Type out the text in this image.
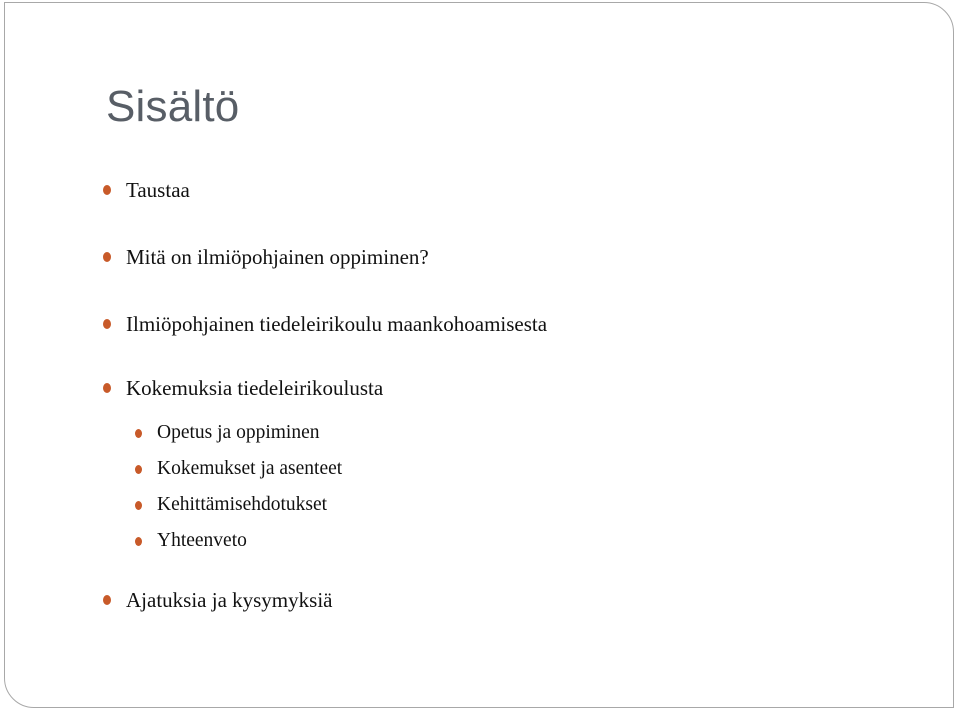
Sisältö
Taustaa
Mitä on ilmiöpohjainen oppiminen?
Ilmiöpohjainen tiedeleirikoulu maankohoamisesta
Kokemuksia tiedeleirikoulusta
Opetus ja oppiminen
Kokemukset ja asenteet
Kehittämisehdotukset
Yhteenveto
Ajatuksia ja kysymyksiä
